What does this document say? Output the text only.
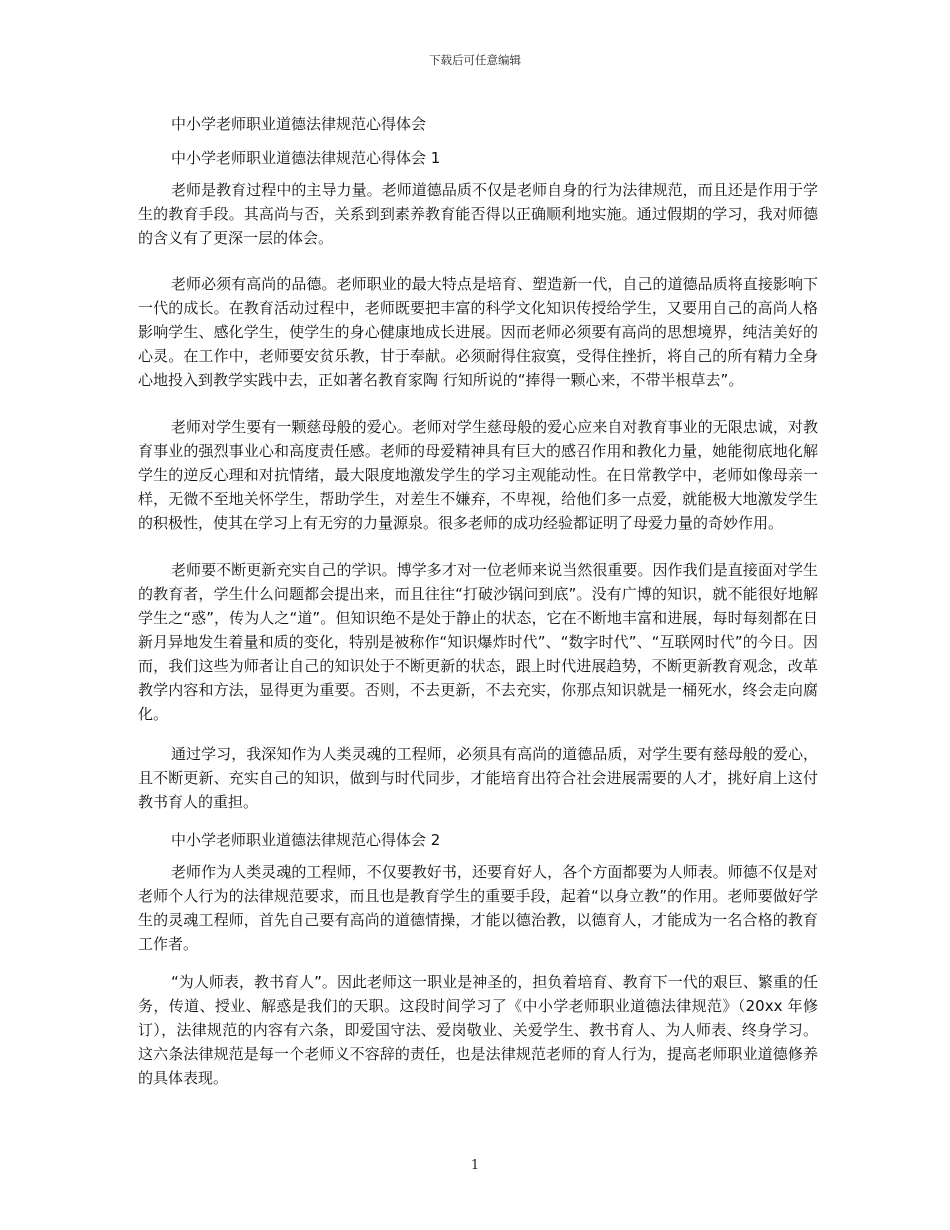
下载后可任意编辑

中小学老师职业道德法律规范心得体会

中小学老师职业道德法律规范心得体会 1

老师是教育过程中的主导力量。老师道德品质不仅是老师自身的行为法律规范，而且还是作用于学生的教育手段。其高尚与否，关系到到素养教育能否得以正确顺利地实施。通过假期的学习，我对师德的含义有了更深一层的体会。

老师必须有高尚的品德。老师职业的最大特点是培育、塑造新一代，自己的道德品质将直接影响下一代的成长。在教育活动过程中，老师既要把丰富的科学文化知识传授给学生，又要用自己的高尚人格影响学生、感化学生，使学生的身心健康地成长进展。因而老师必须要有高尚的思想境界，纯洁美好的心灵。在工作中，老师要安贫乐教，甘于奉献。必须耐得住寂寞，受得住挫折，将自己的所有精力全身心地投入到教学实践中去，正如著名教育家陶 行知所说的“捧得一颗心来，不带半根草去”。

老师对学生要有一颗慈母般的爱心。老师对学生慈母般的爱心应来自对教育事业的无限忠诚，对教育事业的强烈事业心和高度责任感。老师的母爱精神具有巨大的感召作用和教化力量，她能彻底地化解学生的逆反心理和对抗情绪，最大限度地激发学生的学习主观能动性。在日常教学中，老师如像母亲一样，无微不至地关怀学生，帮助学生，对差生不嫌弃，不卑视，给他们多一点爱，就能极大地激发学生的积极性，使其在学习上有无穷的力量源泉。很多老师的成功经验都证明了母爱力量的奇妙作用。

老师要不断更新充实自己的学识。博学多才对一位老师来说当然很重要。因作我们是直接面对学生的教育者，学生什么问题都会提出来，而且往往“打破沙锅问到底”。没有广博的知识，就不能很好地解学生之“惑”，传为人之“道”。但知识绝不是处于静止的状态，它在不断地丰富和进展，每时每刻都在日新月异地发生着量和质的变化，特别是被称作“知识爆炸时代”、“数字时代”、“互联网时代”的今日。因而，我们这些为师者让自己的知识处于不断更新的状态，跟上时代进展趋势，不断更新教育观念，改革教学内容和方法，显得更为重要。否则，不去更新，不去充实，你那点知识就是一桶死水，终会走向腐化。

通过学习，我深知作为人类灵魂的工程师，必须具有高尚的道德品质，对学生要有慈母般的爱心，且不断更新、充实自己的知识，做到与时代同步，才能培育出符合社会进展需要的人才，挑好肩上这付教书育人的重担。

中小学老师职业道德法律规范心得体会 2

老师作为人类灵魂的工程师，不仅要教好书，还要育好人，各个方面都要为人师表。师德不仅是对老师个人行为的法律规范要求，而且也是教育学生的重要手段，起着“以身立教”的作用。老师要做好学生的灵魂工程师，首先自己要有高尚的道德情操，才能以德治教，以德育人，才能成为一名合格的教育工作者。

“为人师表，教书育人”。因此老师这一职业是神圣的，担负着培育、教育下一代的艰巨、繁重的任务，传道、授业、解惑是我们的天职。这段时间学习了《中小学老师职业道德法律规范》（20xx 年修订），法律规范的内容有六条，即爱国守法、爱岗敬业、关爱学生、教书育人、为人师表、终身学习。这六条法律规范是每一个老师义不容辞的责任，也是法律规范老师的育人行为，提高老师职业道德修养的具体表现。

1
